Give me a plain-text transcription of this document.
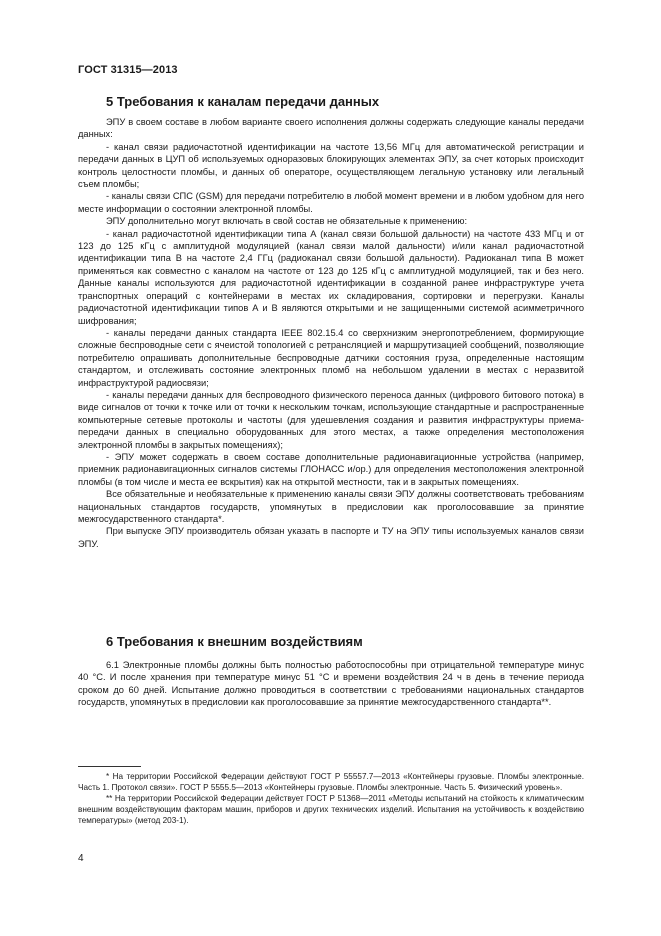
ГОСТ 31315—2013
5 Требования к каналам передачи данных

ЭПУ в своем составе в любом варианте своего исполнения должны содержать следующие каналы передачи данных:

- канал связи радиочастотной идентификации на частоте 13,56 МГц для автоматической регистрации и передачи данных в ЦУП об используемых одноразовых блокирующих элементах ЭПУ, за счет которых происходит контроль целостности пломбы, и данных об операторе, осуществляющем легальную установку или легальный съем пломбы;

- каналы связи СПС (GSM) для передачи потребителю в любой момент времени и в любом удобном для него месте информации о состоянии электронной пломбы.

ЭПУ дополнительно могут включать в свой состав не обязательные к применению:

- канал радиочастотной идентификации типа А (канал связи большой дальности) на частоте 433 МГц и от 123 до 125 кГц с амплитудной модуляцией (канал связи малой дальности) и/или канал радиочастотной идентификации типа В на частоте 2,4 ГГц (радиоканал связи большой дальности). Радиоканал типа В может применяться как совместно с каналом на частоте от 123 до 125 кГц с амплитудной модуляцией, так и без него. Данные каналы используются для радиочастотной идентификации в созданной ранее инфраструктуре учета транспортных операций с контейнерами в местах их складирования, сортировки и перегрузки. Каналы радиочастотной идентификации типов А и В являются открытыми и не защищенными системой асимметричного шифрования;

- каналы передачи данных стандарта IEEE 802.15.4 со сверхнизким энергопотреблением, формирующие сложные беспроводные сети с ячеистой топологией с ретрансляцией и маршрутизацией сообщений, позволяющие потребителю опрашивать дополнительные беспроводные датчики состояния груза, определенные настоящим стандартом, и отслеживать состояние электронных пломб на небольшом удалении в местах с неразвитой инфраструктурой радиосвязи;

- каналы передачи данных для беспроводного физического переноса данных (цифрового битового потока) в виде сигналов от точки к точке или от точки к нескольким точкам, использующие стандартные и распространенные компьютерные сетевые протоколы и частоты (для удешевления создания и развития инфраструктуры приема-передачи данных в специально оборудованных для этого местах, а также определения местоположения электронной пломбы в закрытых помещениях);

- ЭПУ может содержать в своем составе дополнительные радионавигационные устройства (например, приемник радионавигационных сигналов системы ГЛОНАСС и/ор.) для определения местоположения электронной пломбы (в том числе и места ее вскрытия) как на открытой местности, так и в закрытых помещениях.

Все обязательные и необязательные к применению каналы связи ЭПУ должны соответствовать требованиям национальных стандартов государств, упомянутых в предисловии как проголосовавшие за принятие межгосударственного стандарта*.

При выпуске ЭПУ производитель обязан указать в паспорте и ТУ на ЭПУ типы используемых каналов связи ЭПУ.

6 Требования к внешним воздействиям

6.1 Электронные пломбы должны быть полностью работоспособны при отрицательной температуре минус 40 °С. И после хранения при температуре минус 51 °С и времени воздействия 24 ч в день в течение периода сроком до 60 дней. Испытание должно проводиться в соответствии с требованиями национальных стандартов государств, упомянутых в предисловии как проголосовавшие за принятие межгосударственного стандарта**.

* На территории Российской Федерации действуют ГОСТ Р 55557.7—2013 «Контейнеры грузовые. Пломбы электронные. Часть 1. Протокол связи». ГОСТ Р 5555.5—2013 «Контейнеры грузовые. Пломбы электронные. Часть 5. Физический уровень».

** На территории Российской Федерации действует ГОСТ Р 51368—2011 «Методы испытаний на стойкость к климатическим внешним воздействующим факторам машин, приборов и других технических изделий. Испытания на устойчивость к воздействию температуры» (метод 203-1).

4
